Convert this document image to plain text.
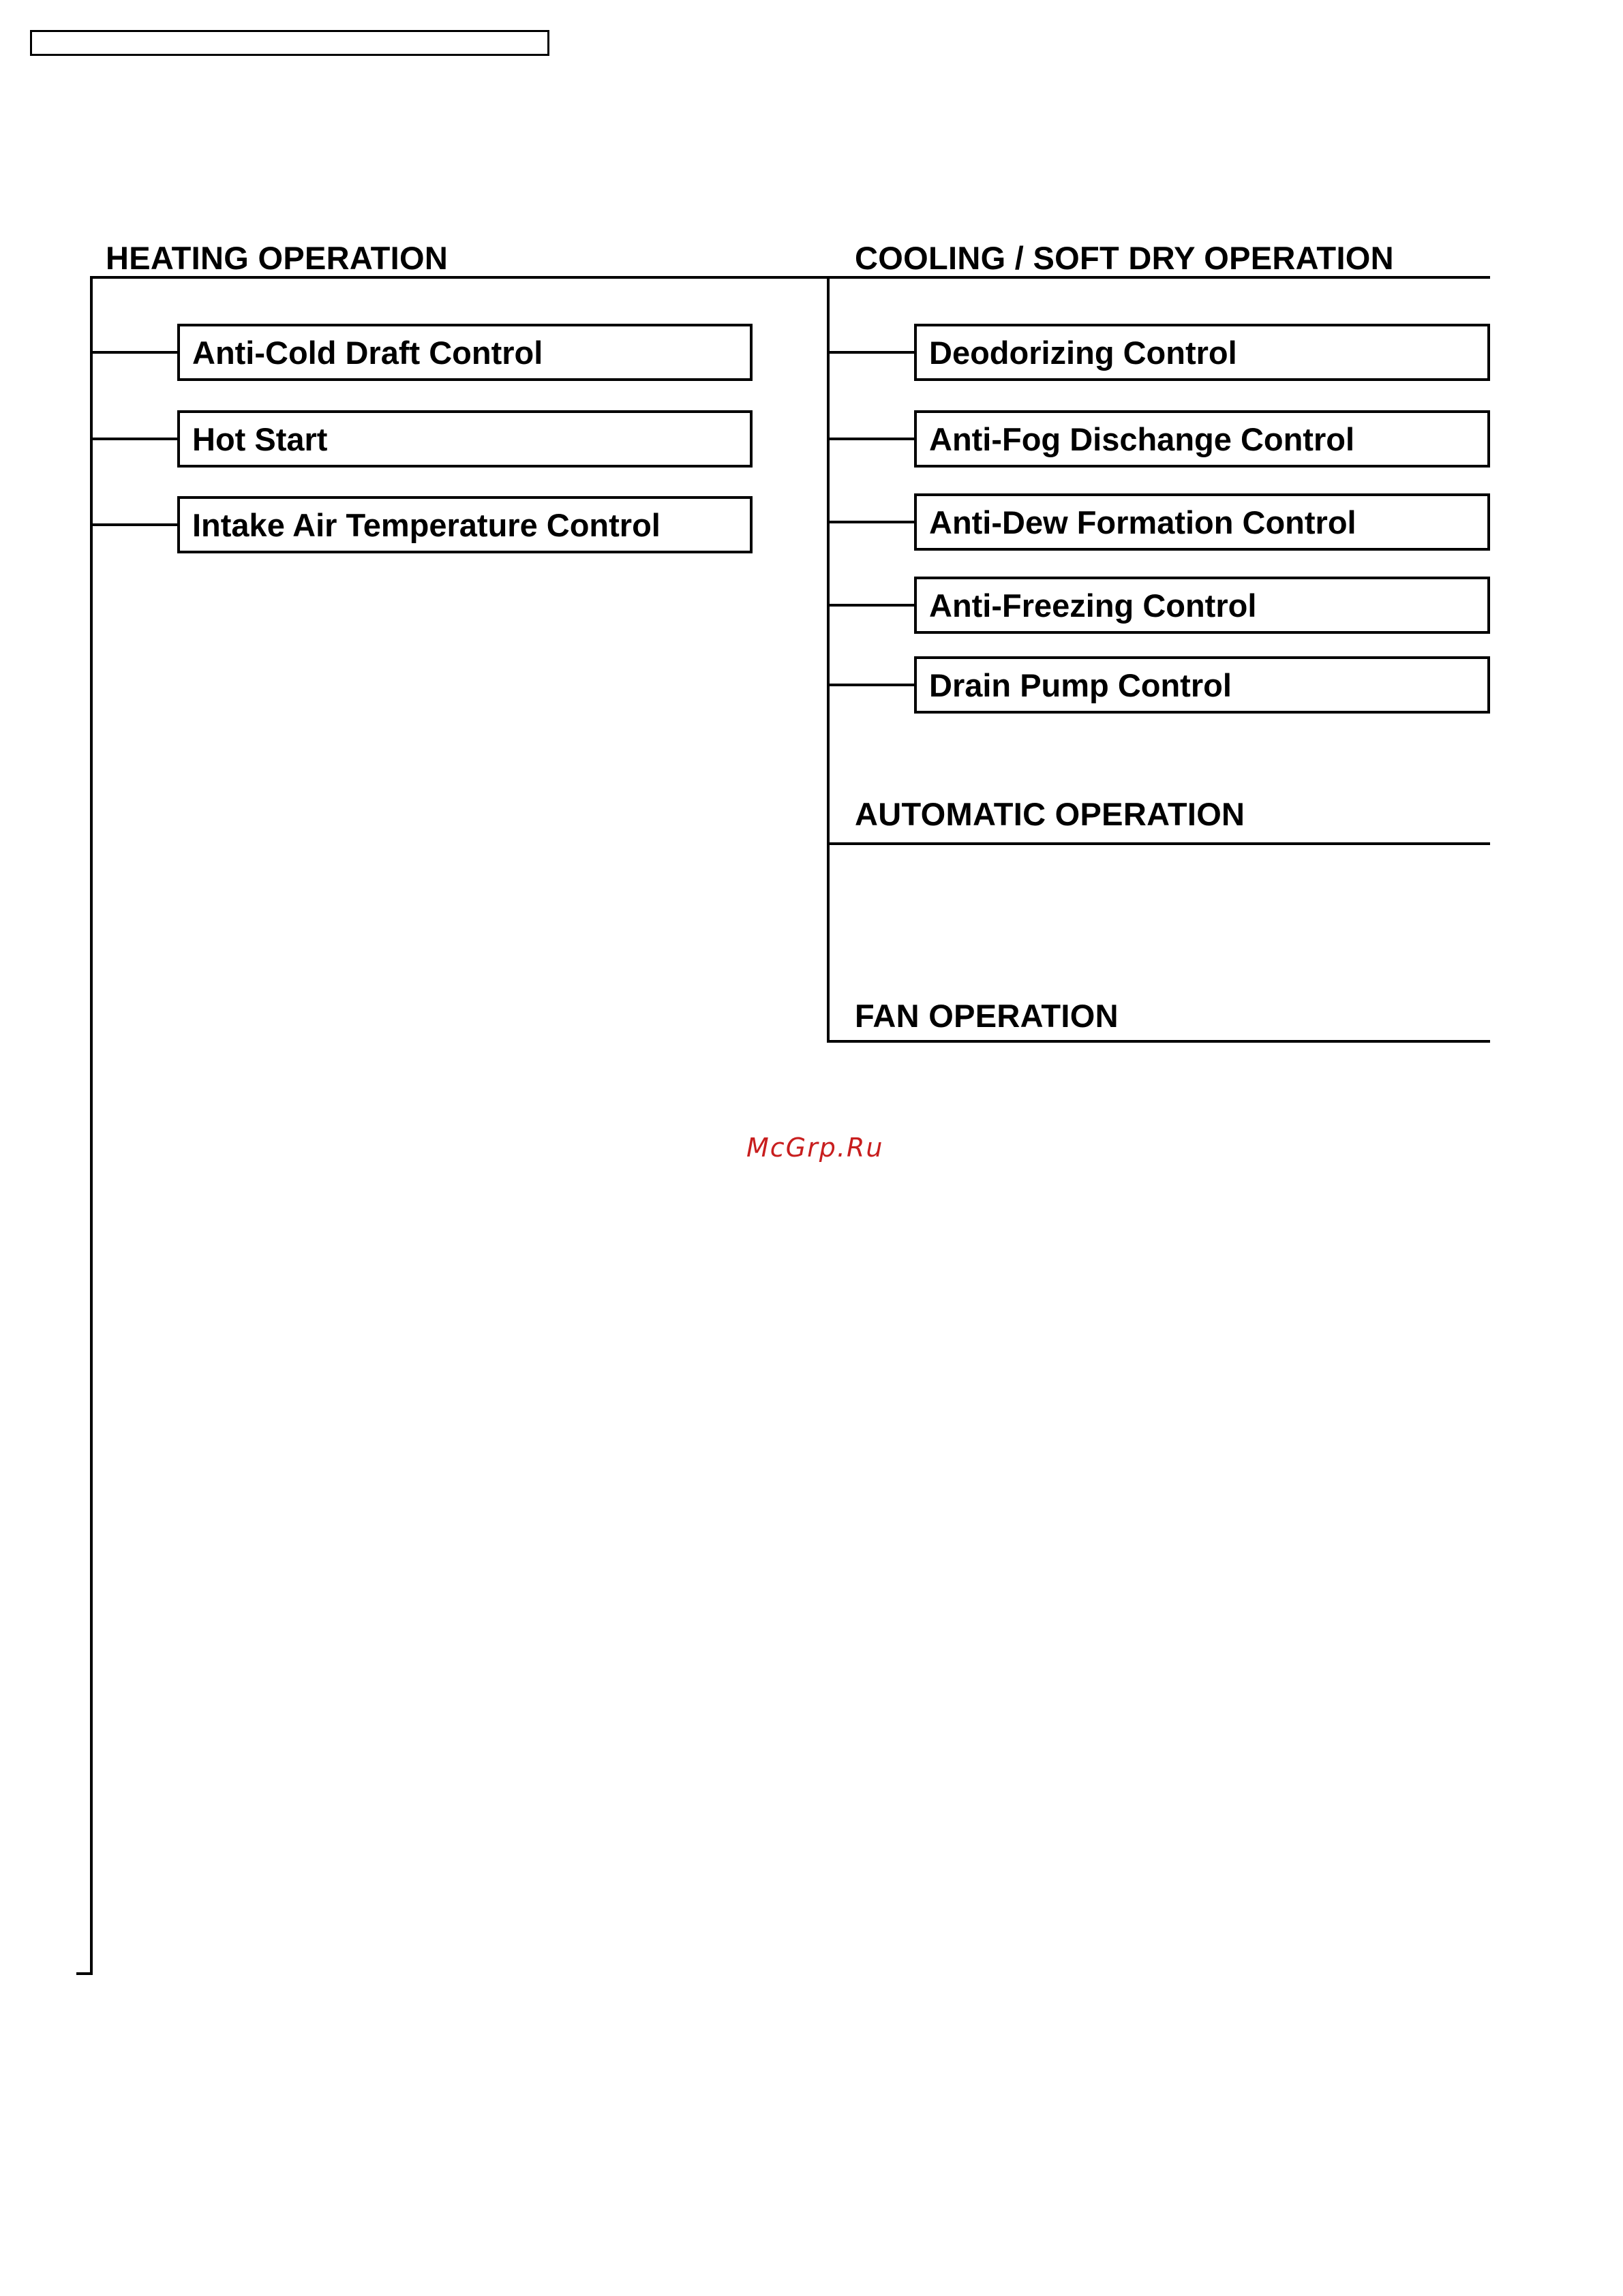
HEATING OPERATION	COOLING / SOFT DRY OPERATION
AUTOMATIC OPERATION
FAN OPERATION
Anti-Cold Draft Control
Hot Start
Intake Air Temperature Control
Deodorizing Control
Anti-Fog Dischange Control
Anti-Dew Formation Control
Anti-Freezing Control
Drain Pump Control
McGrp.Ru
